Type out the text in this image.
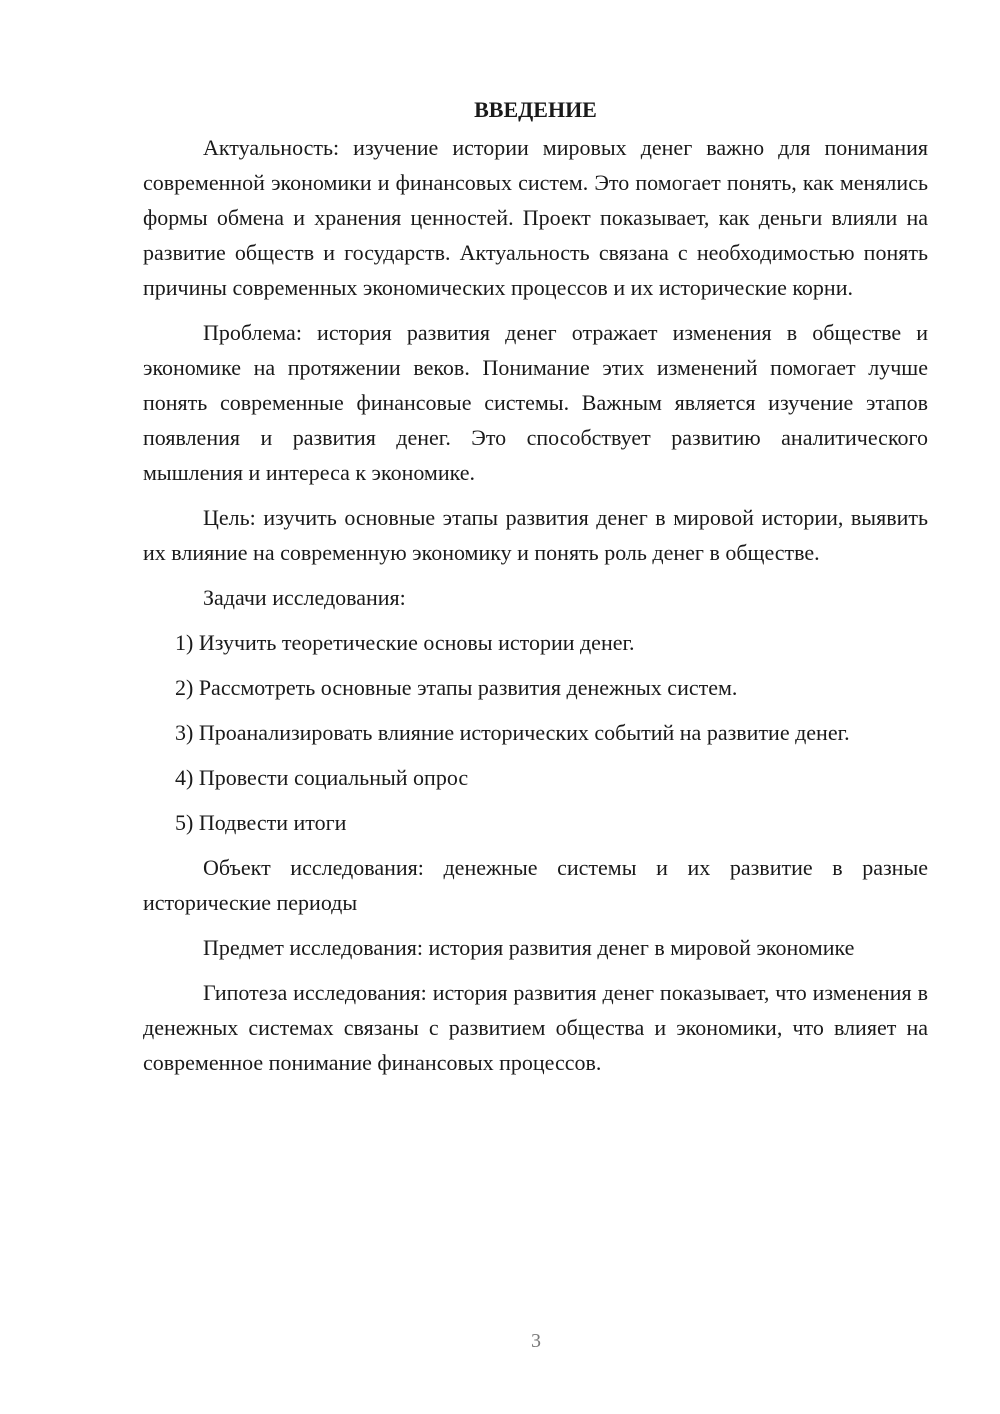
ВВЕДЕНИЕ

Актуальность: изучение истории мировых денег важно для понимания современной экономики и финансовых систем. Это помогает понять, как менялись формы обмена и хранения ценностей. Проект показывает, как деньги влияли на развитие обществ и государств. Актуальность связана с необходимостью понять причины современных экономических процессов и их исторические корни.

Проблема: история развития денег отражает изменения в обществе и экономике на протяжении веков. Понимание этих изменений помогает лучше понять современные финансовые системы. Важным является изучение этапов появления и развития денег. Это способствует развитию аналитического мышления и интереса к экономике.

Цель: изучить основные этапы развития денег в мировой истории, выявить их влияние на современную экономику и понять роль денег в обществе.

Задачи исследования:

1) Изучить теоретические основы истории денег.

2) Рассмотреть основные этапы развития денежных систем.

3) Проанализировать влияние исторических событий на развитие денег.

4) Провести социальный опрос

5) Подвести итоги

Объект исследования: денежные системы и их развитие в разные исторические периоды

Предмет исследования: история развития денег в мировой экономике

Гипотеза исследования: история развития денег показывает, что изменения в денежных системах связаны с развитием общества и экономики, что влияет на современное понимание финансовых процессов.

3
